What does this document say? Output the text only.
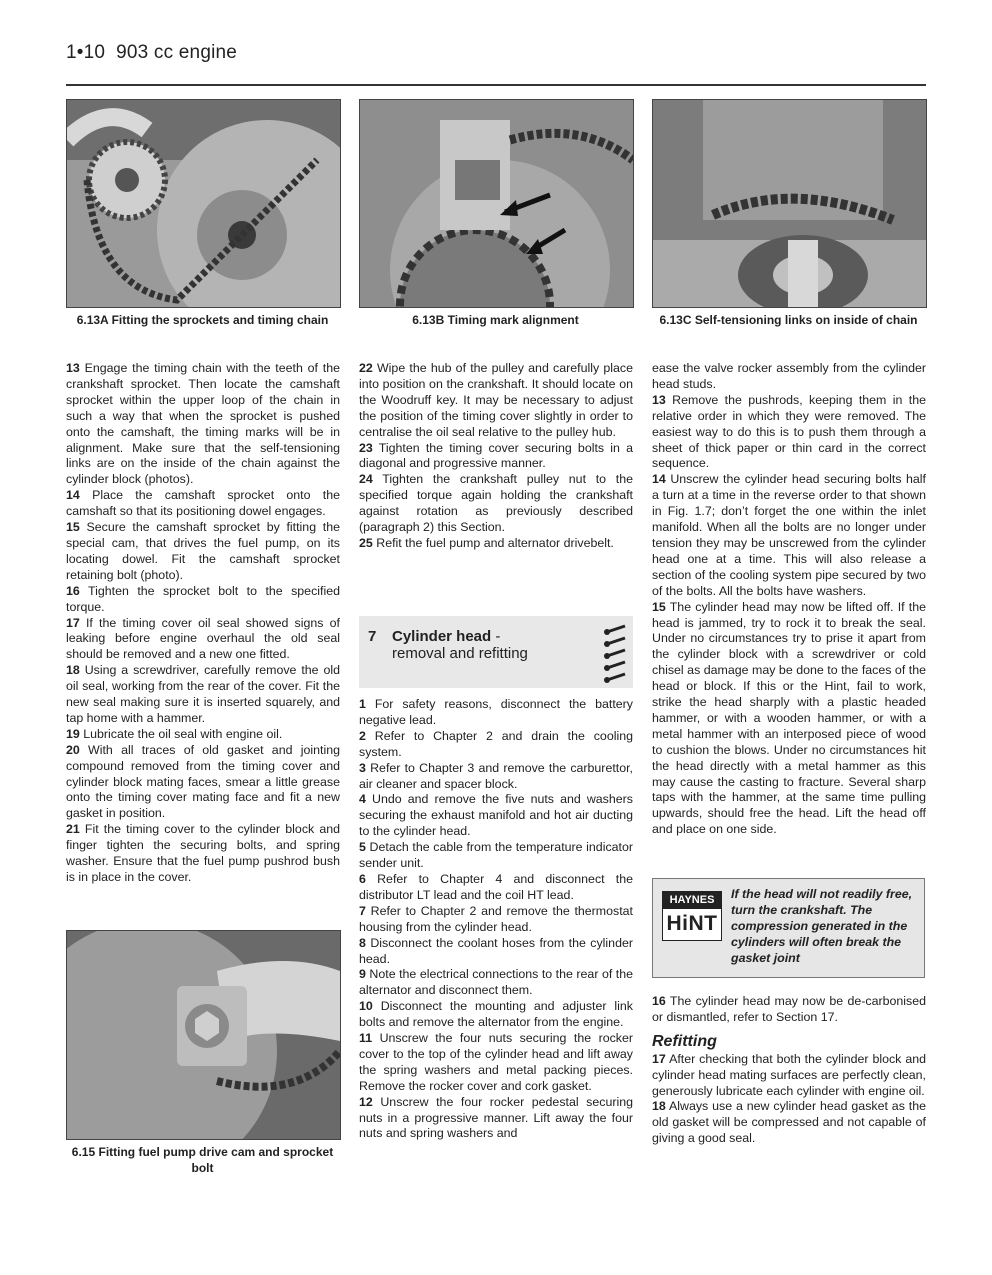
1•10 903 cc engine
6.13A Fitting the sprockets and timing chain	6.13B Timing mark alignment	6.13C Self-tensioning links on inside of chain
6.15 Fitting fuel pump drive cam and sprocket bolt

13 Engage the timing chain with the teeth of the crankshaft sprocket. Then locate the camshaft sprocket within the upper loop of the chain in such a way that when the sprocket is pushed onto the camshaft, the timing marks will be in alignment. Make sure that the self-tensioning links are on the inside of the chain against the cylinder block (photos).

14 Place the camshaft sprocket onto the camshaft so that its positioning dowel engages.

15 Secure the camshaft sprocket by fitting the special cam, that drives the fuel pump, on its locating dowel. Fit the camshaft sprocket retaining bolt (photo).

16 Tighten the sprocket bolt to the specified torque.

17 If the timing cover oil seal showed signs of leaking before engine overhaul the old seal should be removed and a new one fitted.

18 Using a screwdriver, carefully remove the old oil seal, working from the rear of the cover. Fit the new seal making sure it is inserted squarely, and tap home with a hammer.

19 Lubricate the oil seal with engine oil.

20 With all traces of old gasket and jointing compound removed from the timing cover and cylinder block mating faces, smear a little grease onto the timing cover mating face and fit a new gasket in position.

21 Fit the timing cover to the cylinder block and finger tighten the securing bolts, and spring washer. Ensure that the fuel pump pushrod bush is in place in the cover.

22 Wipe the hub of the pulley and carefully place into position on the crankshaft. It should locate on the Woodruff key. It may be necessary to adjust the position of the timing cover slightly in order to centralise the oil seal relative to the pulley hub.

23 Tighten the timing cover securing bolts in a diagonal and progressive manner.

24 Tighten the crankshaft pulley nut to the specified torque again holding the crankshaft against rotation as previously described (paragraph 2) this Section.

25 Refit the fuel pump and alternator drivebelt.

7 Cylinder head -
removal and refitting

1 For safety reasons, disconnect the battery negative lead.

2 Refer to Chapter 2 and drain the cooling system.

3 Refer to Chapter 3 and remove the carburettor, air cleaner and spacer block.

4 Undo and remove the five nuts and washers securing the exhaust manifold and hot air ducting to the cylinder head.

5 Detach the cable from the temperature indicator sender unit.

6 Refer to Chapter 4 and disconnect the distributor LT lead and the coil HT lead.

7 Refer to Chapter 2 and remove the thermostat housing from the cylinder head.

8 Disconnect the coolant hoses from the cylinder head.

9 Note the electrical connections to the rear of the alternator and disconnect them.

10 Disconnect the mounting and adjuster link bolts and remove the alternator from the engine.

11 Unscrew the four nuts securing the rocker cover to the top of the cylinder head and lift away the spring washers and metal packing pieces. Remove the rocker cover and cork gasket.

12 Unscrew the four rocker pedestal securing nuts in a progressive manner. Lift away the four nuts and spring washers and

ease the valve rocker assembly from the cylinder head studs.

13 Remove the pushrods, keeping them in the relative order in which they were removed. The easiest way to do this is to push them through a sheet of thick paper or thin card in the correct sequence.

14 Unscrew the cylinder head securing bolts half a turn at a time in the reverse order to that shown in Fig. 1.7; don’t forget the one within the inlet manifold. When all the bolts are no longer under tension they may be unscrewed from the cylinder head one at a time. This will also release a section of the cooling system pipe secured by two of the bolts. All the bolts have washers.

15 The cylinder head may now be lifted off. If the head is jammed, try to rock it to break the seal. Under no circumstances try to prise it apart from the cylinder block with a screwdriver or cold chisel as damage may be done to the faces of the head or block. If this or the Hint, fail to work, strike the head sharply with a plastic headed hammer, or with a wooden hammer, or with a metal hammer with an interposed piece of wood to cushion the blows. Under no circumstances hit the head directly with a metal hammer as this may cause the casting to fracture. Several sharp taps with the hammer, at the same time pulling upwards, should free the head. Lift the head off and place on one side.

HAYNES
HiNT
If the head will not readily free, turn the crankshaft. The compression generated in the cylinders will often break the gasket joint

16 The cylinder head may now be de-carbonised or dismantled, refer to Section 17.

Refitting

17 After checking that both the cylinder block and cylinder head mating surfaces are perfectly clean, generously lubricate each cylinder with engine oil.

18 Always use a new cylinder head gasket as the old gasket will be compressed and not capable of giving a good seal.
